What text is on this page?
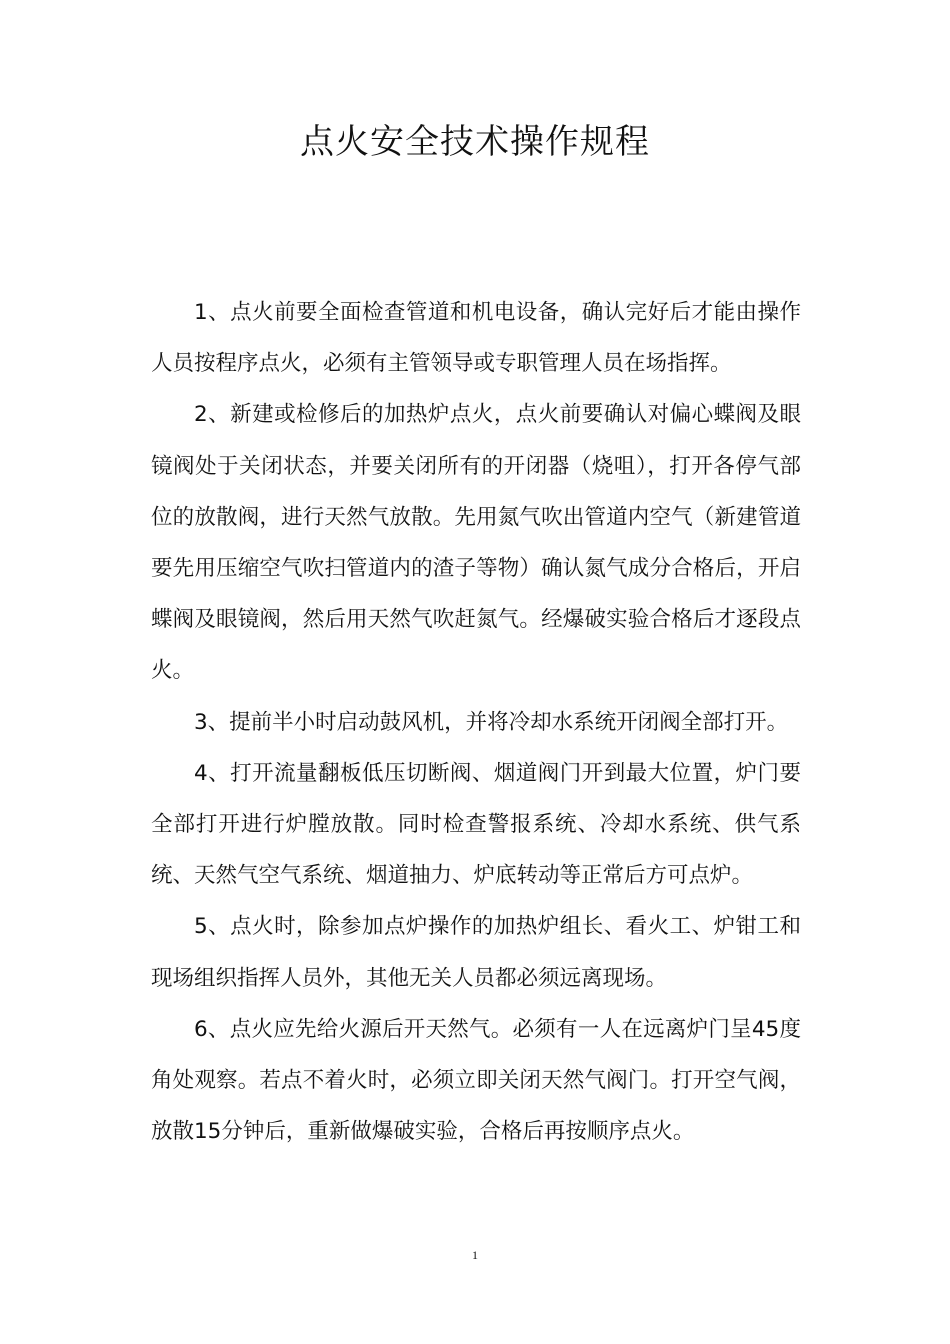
点火安全技术操作规程

1、点火前要全面检查管道和机电设备，确认完好后才能由操作人员按程序点火，必须有主管领导或专职管理人员在场指挥。

2、新建或检修后的加热炉点火，点火前要确认对偏心蝶阀及眼镜阀处于关闭状态，并要关闭所有的开闭器（烧咀），打开各停气部位的放散阀，进行天然气放散。先用氮气吹出管道内空气（新建管道要先用压缩空气吹扫管道内的渣子等物）确认氮气成分合格后，开启蝶阀及眼镜阀，然后用天然气吹赶氮气。经爆破实验合格后才逐段点火。

3、提前半小时启动鼓风机，并将冷却水系统开闭阀全部打开。

4、打开流量翻板低压切断阀、烟道阀门开到最大位置，炉门要全部打开进行炉膛放散。同时检查警报系统、冷却水系统、供气系统、天然气空气系统、烟道抽力、炉底转动等正常后方可点炉。

5、点火时，除参加点炉操作的加热炉组长、看火工、炉钳工和现场组织指挥人员外，其他无关人员都必须远离现场。

6、点火应先给火源后开天然气。必须有一人在远离炉门呈45度角处观察。若点不着火时，必须立即关闭天然气阀门。打开空气阀，放散15分钟后，重新做爆破实验，合格后再按顺序点火。

1
